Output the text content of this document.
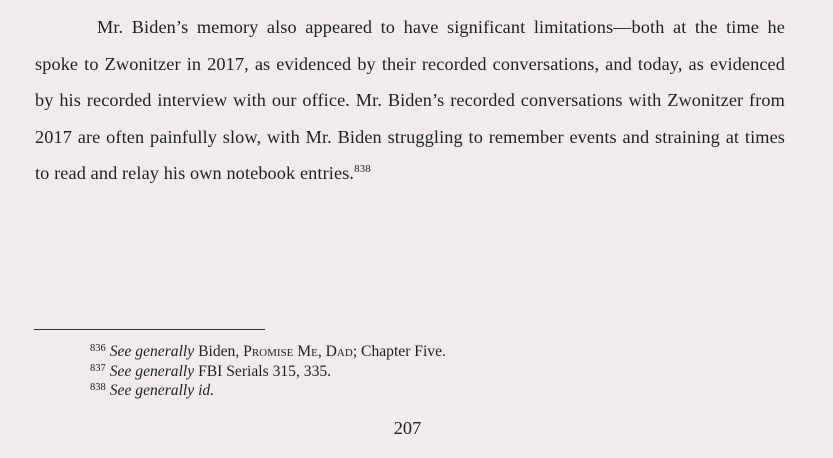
Mr. Biden’s memory also appeared to have significant limitations—both at the time he spoke to Zwonitzer in 2017, as evidenced by their recorded conversations, and today, as evidenced by his recorded interview with our office. Mr. Biden’s recorded conversations with Zwonitzer from 2017 are often painfully slow, with Mr. Biden struggling to remember events and straining at times to read and relay his own notebook entries.$^{838}$

$^{836}$ See generally Biden, Promise Me, Dad; Chapter Five.
$^{837}$ See generally FBI Serials 315, 335.
$^{838}$ See generally id.
207
